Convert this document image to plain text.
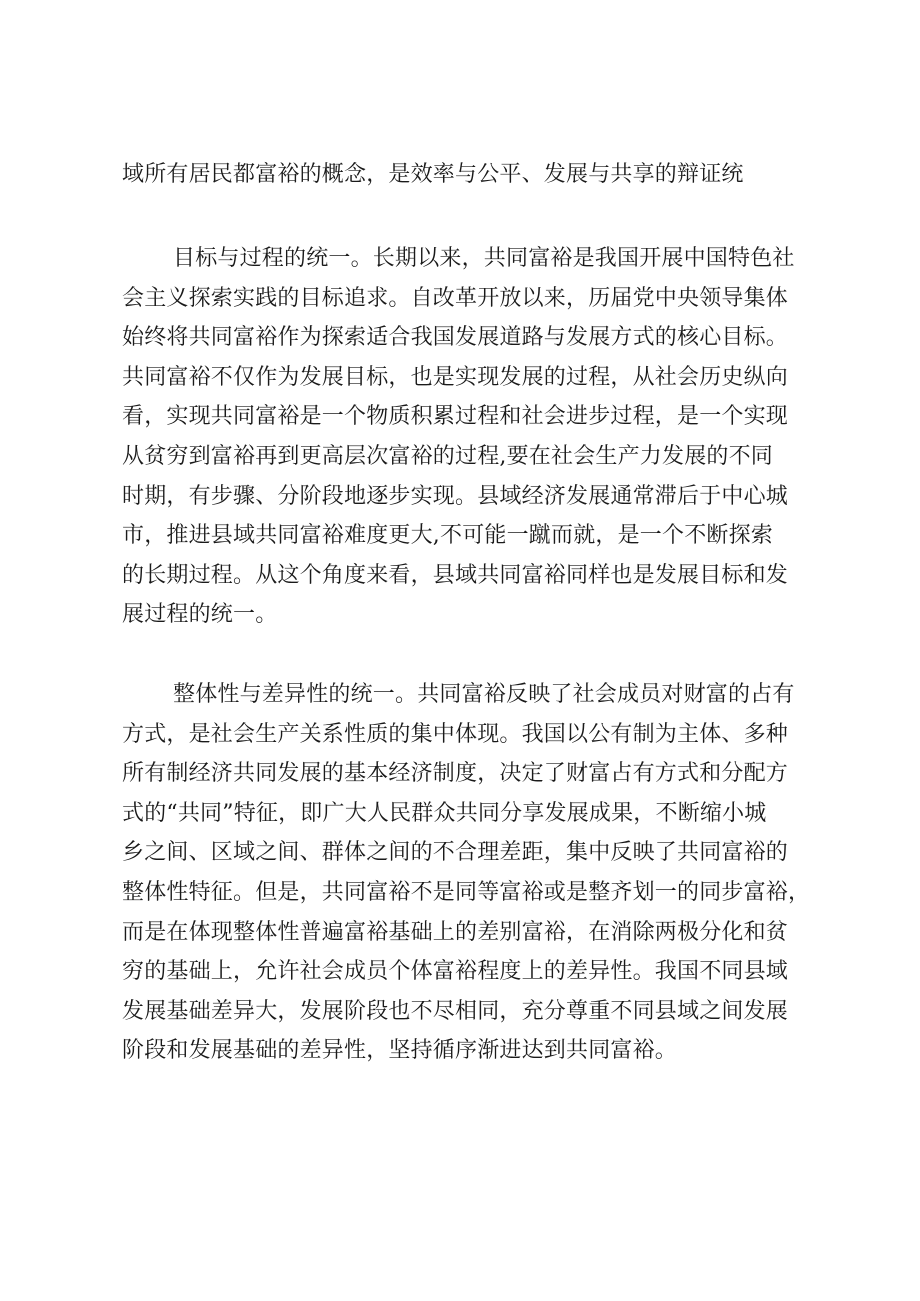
域所有居民都富裕的概念，是效率与公平、发展与共享的辩证统
目标与过程的统一。长期以来，共同富裕是我国开展中国特色社
会主义探索实践的目标追求。自改革开放以来，历届党中央领导集体
始终将共同富裕作为探索适合我国发展道路与发展方式的核心目标。
共同富裕不仅作为发展目标，也是实现发展的过程，从社会历史纵向
看，实现共同富裕是一个物质积累过程和社会进步过程，是一个实现
从贫穷到富裕再到更高层次富裕的过程,要在社会生产力发展的不同
时期，有步骤、分阶段地逐步实现。县域经济发展通常滞后于中心城
市，推进县域共同富裕难度更大,不可能一蹴而就，是一个不断探索
的长期过程。从这个角度来看，县域共同富裕同样也是发展目标和发
展过程的统一。
整体性与差异性的统一。共同富裕反映了社会成员对财富的占有
方式，是社会生产关系性质的集中体现。我国以公有制为主体、多种
所有制经济共同发展的基本经济制度，决定了财富占有方式和分配方
式的“共同”特征，即广大人民群众共同分享发展成果，不断缩小城
乡之间、区域之间、群体之间的不合理差距，集中反映了共同富裕的
整体性特征。但是，共同富裕不是同等富裕或是整齐划一的同步富裕，
而是在体现整体性普遍富裕基础上的差别富裕，在消除两极分化和贫
穷的基础上，允许社会成员个体富裕程度上的差异性。我国不同县域
发展基础差异大，发展阶段也不尽相同，充分尊重不同县域之间发展
阶段和发展基础的差异性，坚持循序渐进达到共同富裕。
